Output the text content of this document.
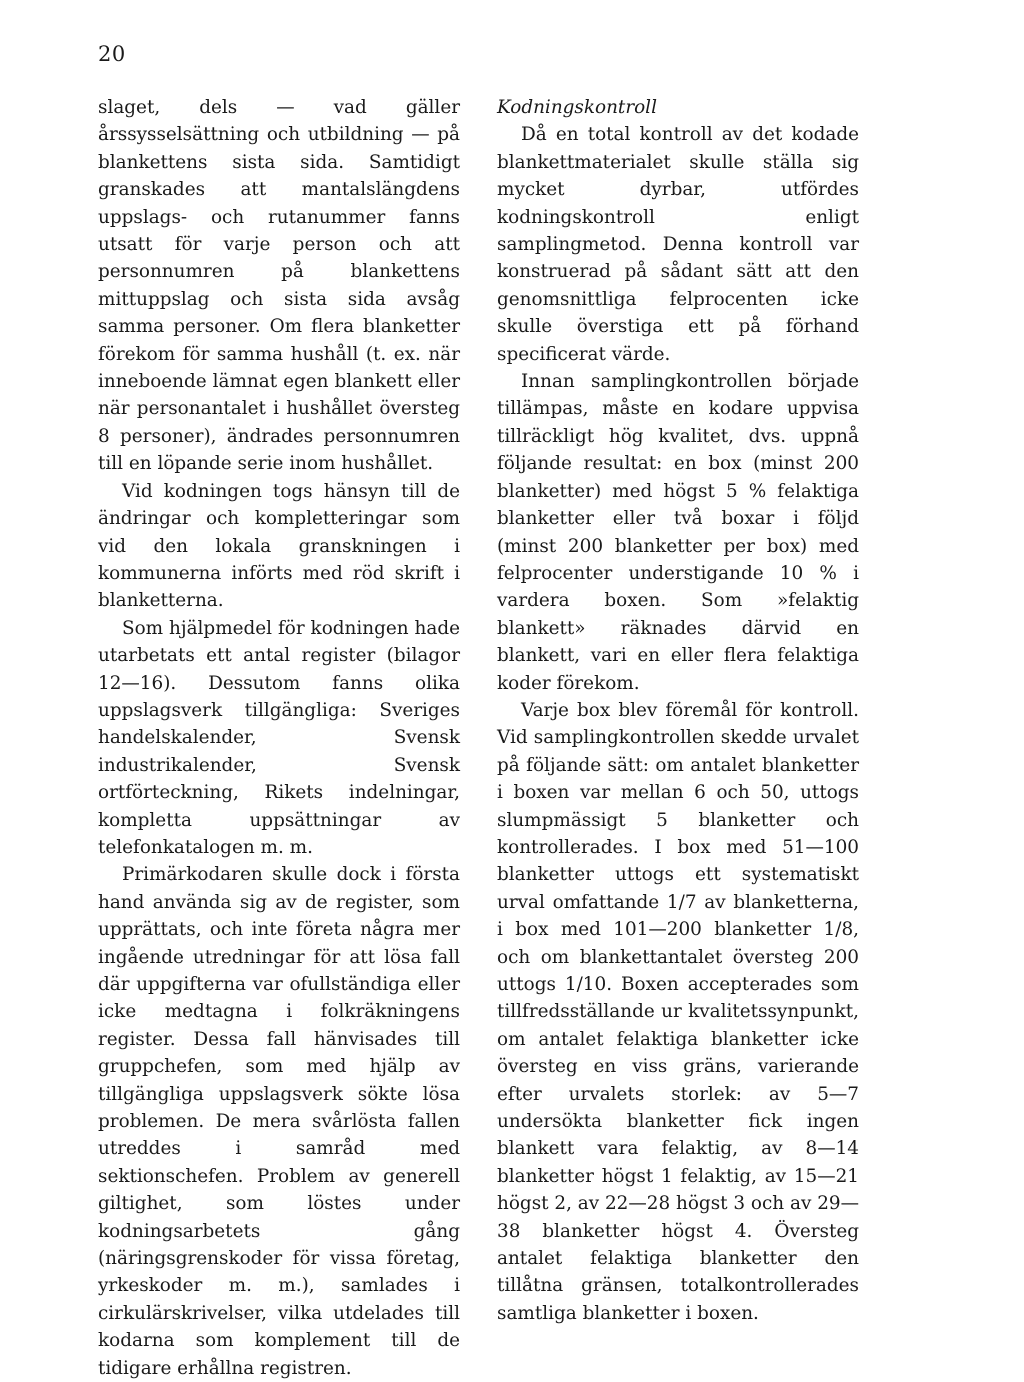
20

slaget, dels — vad gäller årssysselsättning och utbildning — på blankettens sista sida. Samtidigt granskades att mantalslängdens uppslags- och rutanummer fanns utsatt för varje person och att personnumren på blankettens mittuppslag och sista sida avsåg samma personer. Om flera blanketter förekom för samma hushåll (t. ex. när inneboende lämnat egen blankett eller när personantalet i hushållet översteg 8 personer), ändrades personnumren till en löpande serie inom hushållet.

Vid kodningen togs hänsyn till de ändringar och kompletteringar som vid den lokala granskningen i kommunerna införts med röd skrift i blanketterna.

Som hjälpmedel för kodningen hade utarbetats ett antal register (bilagor 12—16). Dessutom fanns olika uppslagsverk tillgängliga: Sveriges handelskalender, Svensk industrikalender, Svensk ortförteckning, Rikets indelningar, kompletta uppsättningar av telefonkatalogen m. m.

Primärkodaren skulle dock i första hand använda sig av de register, som upprättats, och inte företa några mer ingående utredningar för att lösa fall där uppgifterna var ofullständiga eller icke medtagna i folkräkningens register. Dessa fall hänvisades till gruppchefen, som med hjälp av tillgängliga uppslagsverk sökte lösa problemen. De mera svårlösta fallen utreddes i samråd med sektionschefen. Problem av generell giltighet, som löstes under kodningsarbetets gång (näringsgrenskoder för vissa företag, yrkeskoder m. m.), samlades i cirkulärskrivelser, vilka utdelades till kodarna som komplement till de tidigare erhållna registren.

Kodningskontroll

Då en total kontroll av det kodade blankettmaterialet skulle ställa sig mycket dyrbar, utfördes kodningskontroll enligt samplingmetod. Denna kontroll var konstruerad på sådant sätt att den genomsnittliga felprocenten icke skulle överstiga ett på förhand specificerat värde.

Innan samplingkontrollen började tillämpas, måste en kodare uppvisa tillräckligt hög kvalitet, dvs. uppnå följande resultat: en box (minst 200 blanketter) med högst 5 % felaktiga blanketter eller två boxar i följd (minst 200 blanketter per box) med felprocenter understigande 10 % i vardera boxen. Som »felaktig blankett» räknades därvid en blankett, vari en eller flera felaktiga koder förekom.

Varje box blev föremål för kontroll. Vid samplingkontrollen skedde urvalet på följande sätt: om antalet blanketter i boxen var mellan 6 och 50, uttogs slumpmässigt 5 blanketter och kontrollerades. I box med 51—100 blanketter uttogs ett systematiskt urval omfattande 1/7 av blanketterna, i box med 101—200 blanketter 1/8, och om blankettantalet översteg 200 uttogs 1/10. Boxen accepterades som tillfredsställande ur kvalitetssynpunkt, om antalet felaktiga blanketter icke översteg en viss gräns, varierande efter urvalets storlek: av 5—7 undersökta blanketter fick ingen blankett vara felaktig, av 8—14 blanketter högst 1 felaktig, av 15—21 högst 2, av 22—28 högst 3 och av 29—38 blanketter högst 4. Översteg antalet felaktiga blanketter den tillåtna gränsen, totalkontrollerades samtliga blanketter i boxen.
